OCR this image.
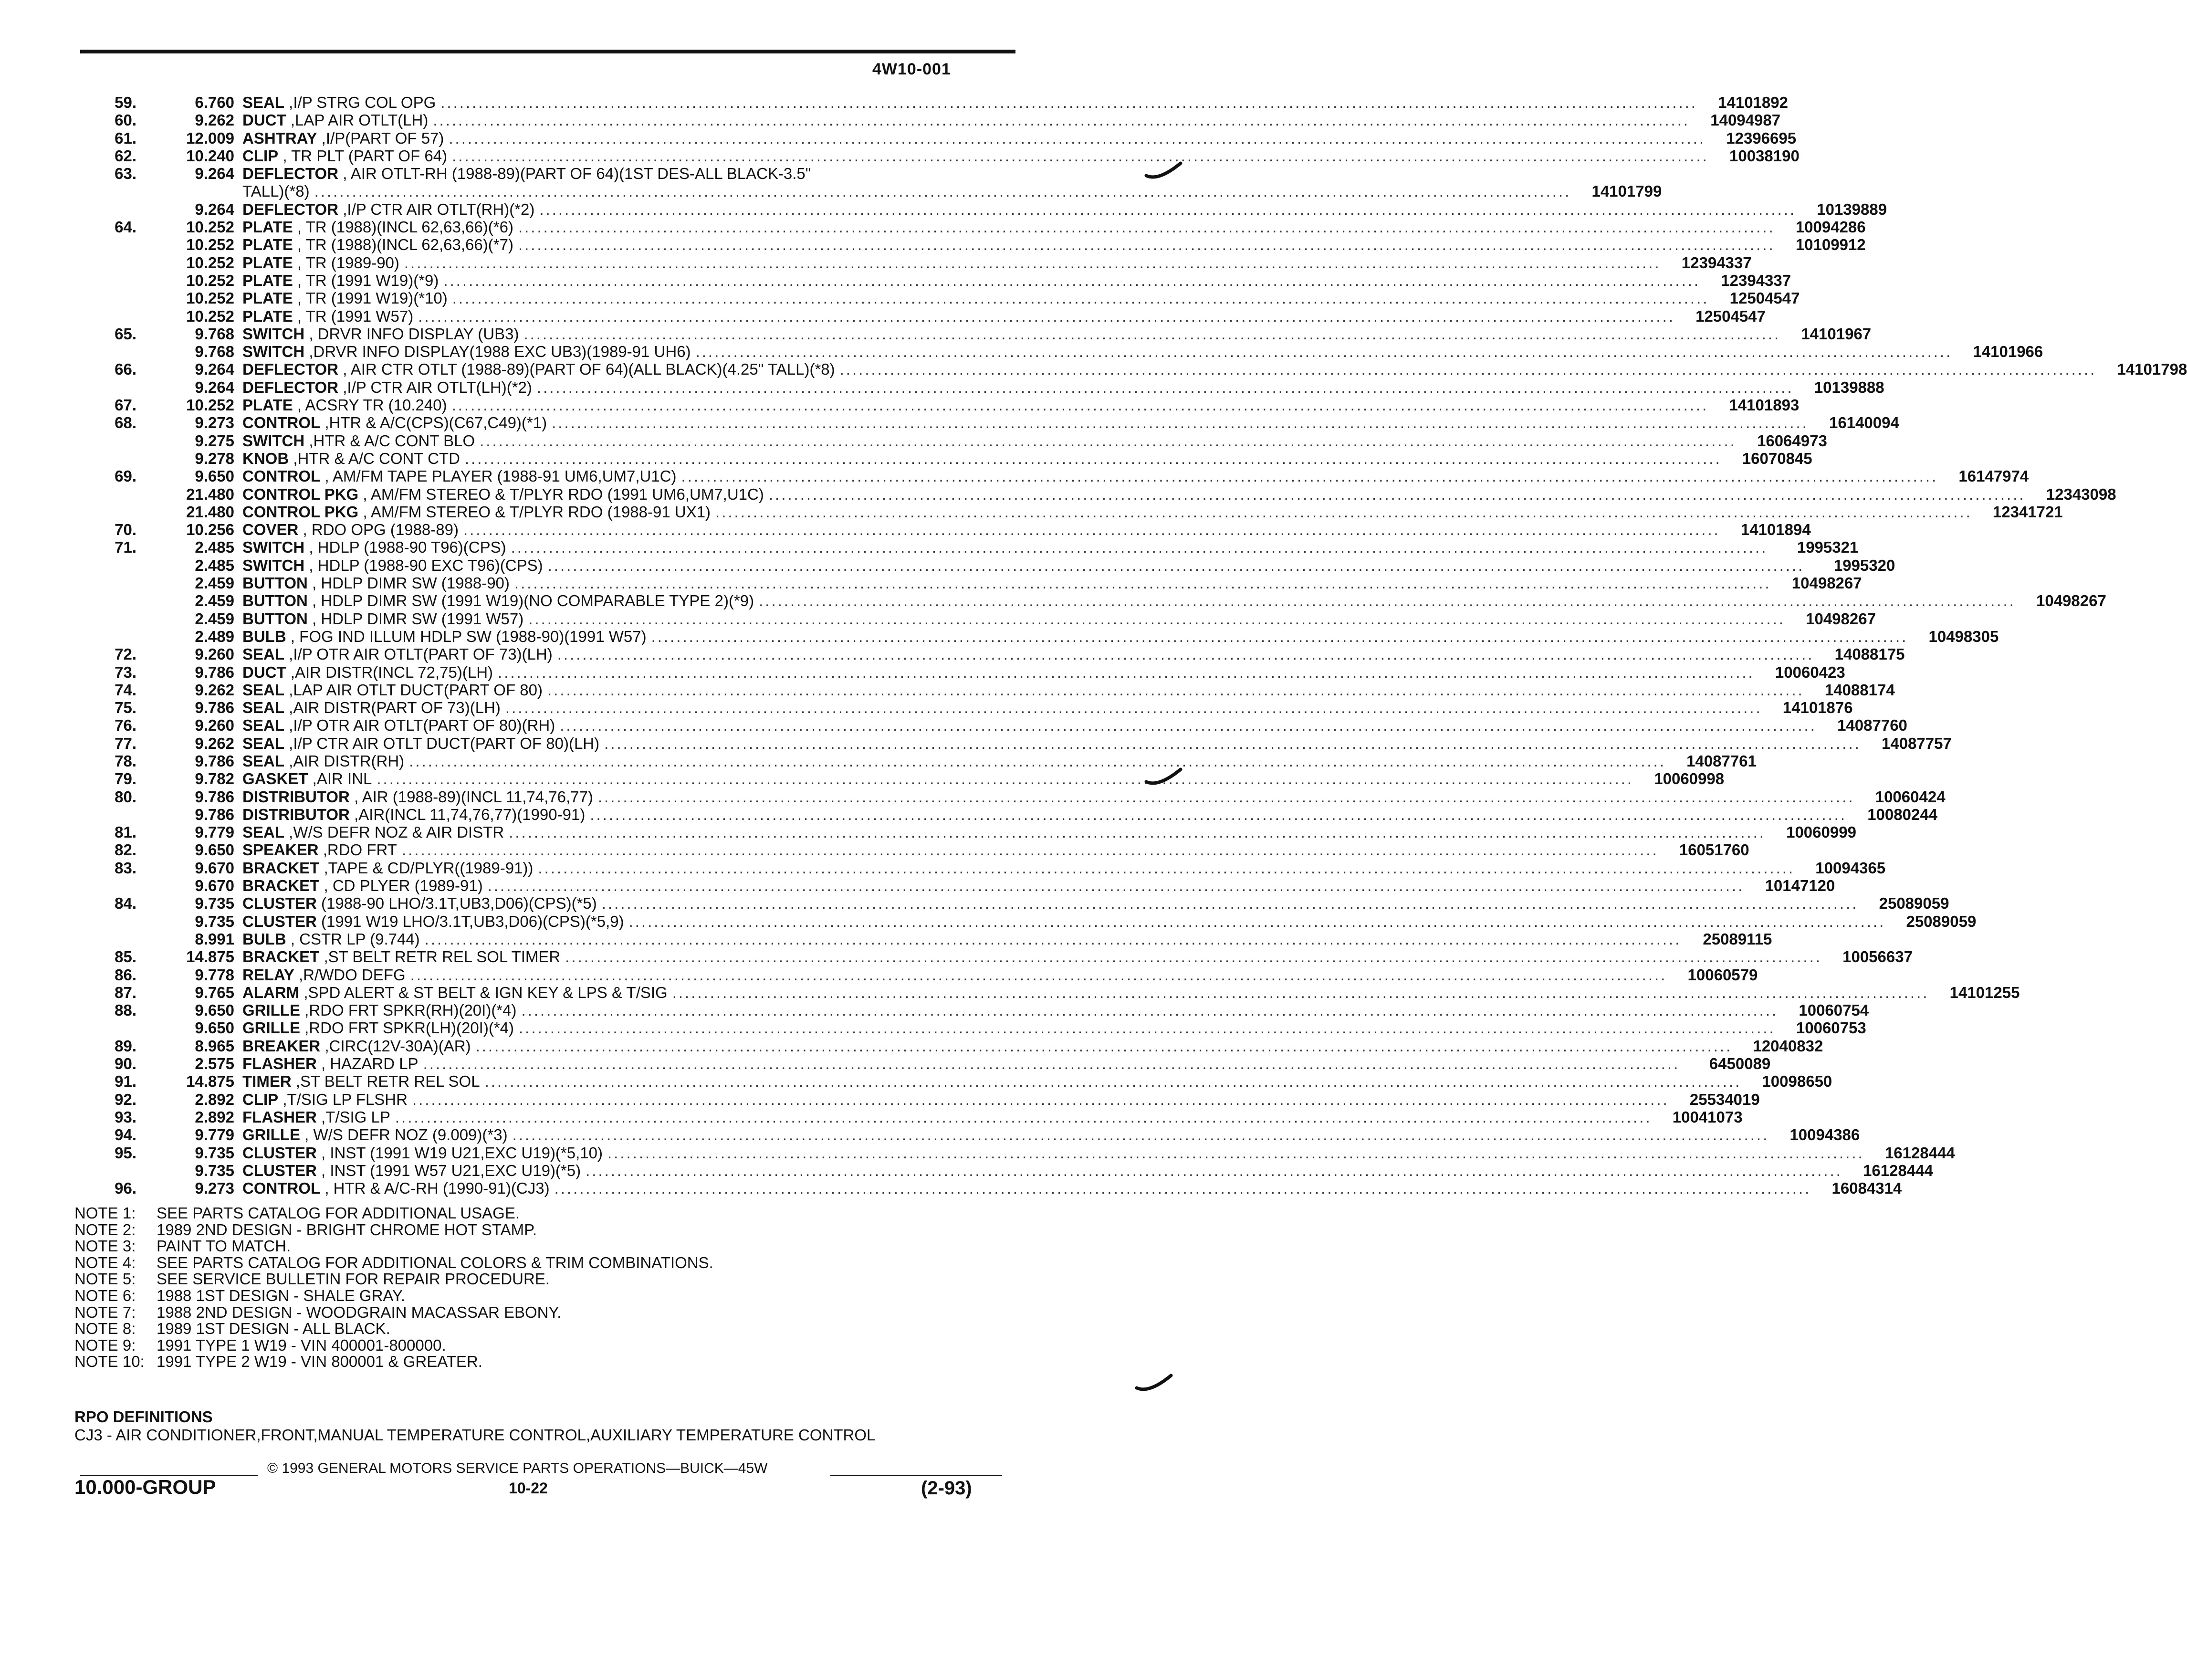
4W10-001
59.	6.760 SEAL ,I/P STRG COL OPG ........................................................................................................................................................................................................	14101892
60.	9.262 DUCT ,LAP AIR OTLT(LH) ........................................................................................................................................................................................................	14094987
61.	12.009 ASHTRAY ,I/P(PART OF 57) ........................................................................................................................................................................................................	12396695
62.	10.240 CLIP , TR PLT (PART OF 64) ........................................................................................................................................................................................................	10038190
63.	9.264 DEFLECTOR , AIR OTLT-RH (1988-89)(PART OF 64)(1ST DES-ALL BLACK-3.5"
TALL)(*8) ........................................................................................................................................................................................................	14101799
9.264 DEFLECTOR ,I/P CTR AIR OTLT(RH)(*2) ........................................................................................................................................................................................................	10139889
64.	10.252 PLATE , TR (1988)(INCL 62,63,66)(*6) ........................................................................................................................................................................................................	10094286
10.252 PLATE , TR (1988)(INCL 62,63,66)(*7) ........................................................................................................................................................................................................	10109912
10.252 PLATE , TR (1989-90) ........................................................................................................................................................................................................	12394337
10.252 PLATE , TR (1991 W19)(*9) ........................................................................................................................................................................................................	12394337
10.252 PLATE , TR (1991 W19)(*10) ........................................................................................................................................................................................................	12504547
10.252 PLATE , TR (1991 W57) ........................................................................................................................................................................................................	12504547
65.	9.768 SWITCH , DRVR INFO DISPLAY (UB3) ........................................................................................................................................................................................................	14101967
9.768 SWITCH ,DRVR INFO DISPLAY(1988 EXC UB3)(1989-91 UH6) ........................................................................................................................................................................................................	14101966
66.	9.264 DEFLECTOR , AIR CTR OTLT (1988-89)(PART OF 64)(ALL BLACK)(4.25" TALL)(*8) ........................................................................................................................................................................................................	14101798
9.264 DEFLECTOR ,I/P CTR AIR OTLT(LH)(*2) ........................................................................................................................................................................................................	10139888
67.	10.252 PLATE , ACSRY TR (10.240) ........................................................................................................................................................................................................	14101893
68.	9.273 CONTROL ,HTR & A/C(CPS)(C67,C49)(*1) ........................................................................................................................................................................................................	16140094
9.275 SWITCH ,HTR & A/C CONT BLO ........................................................................................................................................................................................................	16064973
9.278 KNOB ,HTR & A/C CONT CTD ........................................................................................................................................................................................................	16070845
69.	9.650 CONTROL , AM/FM TAPE PLAYER (1988-91 UM6,UM7,U1C) ........................................................................................................................................................................................................	16147974
21.480 CONTROL PKG , AM/FM STEREO & T/PLYR RDO (1991 UM6,UM7,U1C) ........................................................................................................................................................................................................	12343098
21.480 CONTROL PKG , AM/FM STEREO & T/PLYR RDO (1988-91 UX1) ........................................................................................................................................................................................................	12341721
70.	10.256 COVER , RDO OPG (1988-89) ........................................................................................................................................................................................................	14101894
71.	2.485 SWITCH , HDLP (1988-90 T96)(CPS) ........................................................................................................................................................................................................	1995321
2.485 SWITCH , HDLP (1988-90 EXC T96)(CPS) ........................................................................................................................................................................................................	1995320
2.459 BUTTON , HDLP DIMR SW (1988-90) ........................................................................................................................................................................................................	10498267
2.459 BUTTON , HDLP DIMR SW (1991 W19)(NO COMPARABLE TYPE 2)(*9) ........................................................................................................................................................................................................	10498267
2.459 BUTTON , HDLP DIMR SW (1991 W57) ........................................................................................................................................................................................................	10498267
2.489 BULB , FOG IND ILLUM HDLP SW (1988-90)(1991 W57) ........................................................................................................................................................................................................	10498305
72.	9.260 SEAL ,I/P OTR AIR OTLT(PART OF 73)(LH) ........................................................................................................................................................................................................	14088175
73.	9.786 DUCT ,AIR DISTR(INCL 72,75)(LH) ........................................................................................................................................................................................................	10060423
74.	9.262 SEAL ,LAP AIR OTLT DUCT(PART OF 80) ........................................................................................................................................................................................................	14088174
75.	9.786 SEAL ,AIR DISTR(PART OF 73)(LH) ........................................................................................................................................................................................................	14101876
76.	9.260 SEAL ,I/P OTR AIR OTLT(PART OF 80)(RH) ........................................................................................................................................................................................................	14087760
77.	9.262 SEAL ,I/P CTR AIR OTLT DUCT(PART OF 80)(LH) ........................................................................................................................................................................................................	14087757
78.	9.786 SEAL ,AIR DISTR(RH) ........................................................................................................................................................................................................	14087761
79.	9.782 GASKET ,AIR INL ........................................................................................................................................................................................................	10060998
80.	9.786 DISTRIBUTOR , AIR (1988-89)(INCL 11,74,76,77) ........................................................................................................................................................................................................	10060424
9.786 DISTRIBUTOR ,AIR(INCL 11,74,76,77)(1990-91) ........................................................................................................................................................................................................	10080244
81.	9.779 SEAL ,W/S DEFR NOZ & AIR DISTR ........................................................................................................................................................................................................	10060999
82.	9.650 SPEAKER ,RDO FRT ........................................................................................................................................................................................................	16051760
83.	9.670 BRACKET ,TAPE & CD/PLYR((1989-91)) ........................................................................................................................................................................................................	10094365
9.670 BRACKET , CD PLYER (1989-91) ........................................................................................................................................................................................................	10147120
84.	9.735 CLUSTER (1988-90 LHO/3.1T,UB3,D06)(CPS)(*5) ........................................................................................................................................................................................................	25089059
9.735 CLUSTER (1991 W19 LHO/3.1T,UB3,D06)(CPS)(*5,9) ........................................................................................................................................................................................................	25089059
8.991 BULB , CSTR LP (9.744) ........................................................................................................................................................................................................	25089115
85.	14.875 BRACKET ,ST BELT RETR REL SOL TIMER ........................................................................................................................................................................................................	10056637
86.	9.778 RELAY ,R/WDO DEFG ........................................................................................................................................................................................................	10060579
87.	9.765 ALARM ,SPD ALERT & ST BELT & IGN KEY & LPS & T/SIG ........................................................................................................................................................................................................	14101255
88.	9.650 GRILLE ,RDO FRT SPKR(RH)(20I)(*4) ........................................................................................................................................................................................................	10060754
9.650 GRILLE ,RDO FRT SPKR(LH)(20I)(*4) ........................................................................................................................................................................................................	10060753
89.	8.965 BREAKER ,CIRC(12V-30A)(AR) ........................................................................................................................................................................................................	12040832
90.	2.575 FLASHER , HAZARD LP ........................................................................................................................................................................................................	6450089
91.	14.875 TIMER ,ST BELT RETR REL SOL ........................................................................................................................................................................................................	10098650
92.	2.892 CLIP ,T/SIG LP FLSHR ........................................................................................................................................................................................................	25534019
93.	2.892 FLASHER ,T/SIG LP ........................................................................................................................................................................................................	10041073
94.	9.779 GRILLE , W/S DEFR NOZ (9.009)(*3) ........................................................................................................................................................................................................	10094386
95.	9.735 CLUSTER , INST (1991 W19 U21,EXC U19)(*5,10) ........................................................................................................................................................................................................	16128444
9.735 CLUSTER , INST (1991 W57 U21,EXC U19)(*5) ........................................................................................................................................................................................................	16128444
96.	9.273 CONTROL , HTR & A/C-RH (1990-91)(CJ3) ........................................................................................................................................................................................................	16084314
NOTE 1: SEE PARTS CATALOG FOR ADDITIONAL USAGE.
NOTE 2: 1989 2ND DESIGN - BRIGHT CHROME HOT STAMP.
NOTE 3: PAINT TO MATCH.
NOTE 4: SEE PARTS CATALOG FOR ADDITIONAL COLORS & TRIM COMBINATIONS.
NOTE 5: SEE SERVICE BULLETIN FOR REPAIR PROCEDURE.
NOTE 6: 1988 1ST DESIGN - SHALE GRAY.
NOTE 7: 1988 2ND DESIGN - WOODGRAIN MACASSAR EBONY.
NOTE 8: 1989 1ST DESIGN - ALL BLACK.
NOTE 9: 1991 TYPE 1 W19 - VIN 400001-800000.
NOTE 10: 1991 TYPE 2 W19 - VIN 800001 & GREATER.
RPO DEFINITIONS
CJ3 - AIR CONDITIONER,FRONT,MANUAL TEMPERATURE CONTROL,AUXILIARY TEMPERATURE CONTROL
© 1993 GENERAL MOTORS SERVICE PARTS OPERATIONS—BUICK—45W
10.000-GROUP	10-22	(2-93)
